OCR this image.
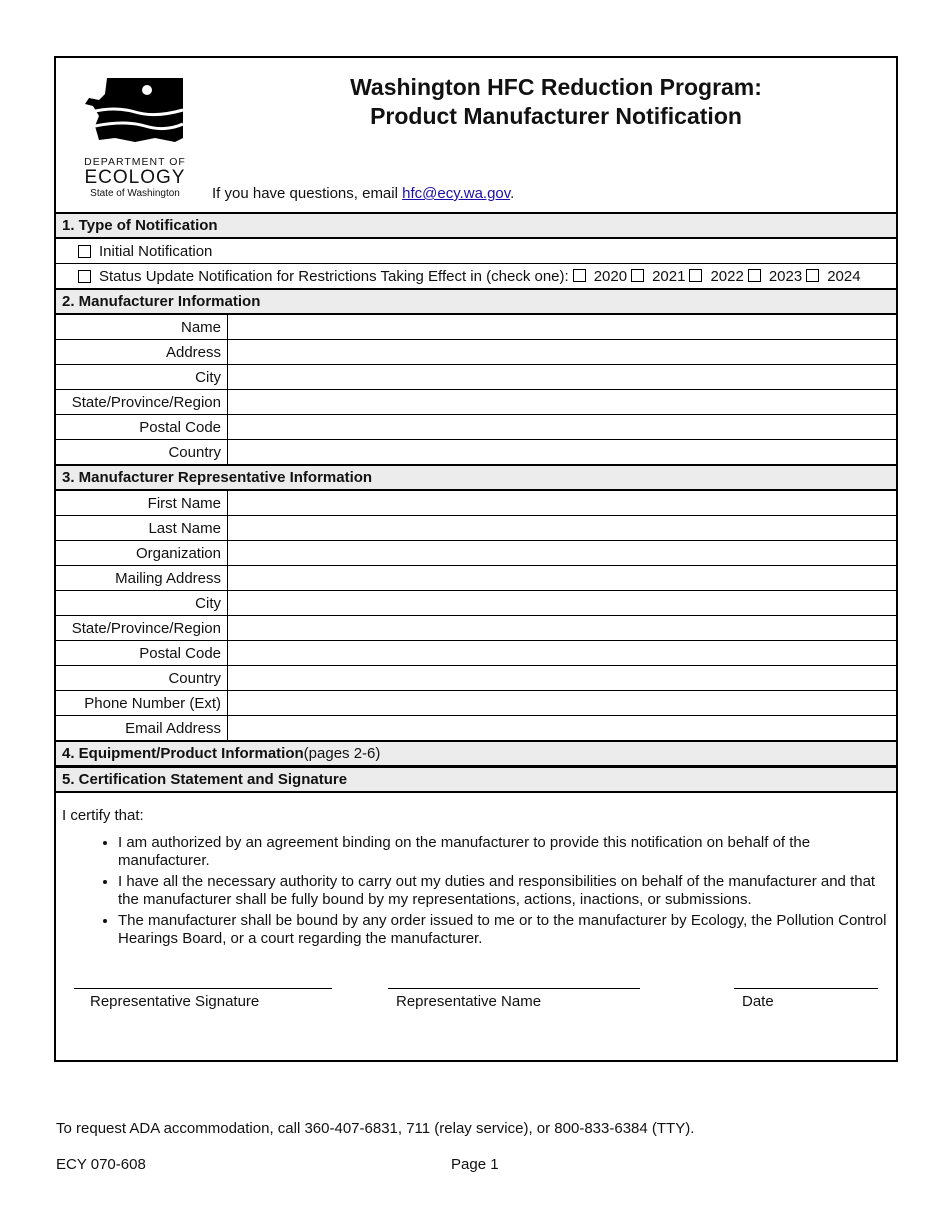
DEPARTMENT OF
ECOLOGY
State of Washington
Washington HFC Reduction Program:
Product Manufacturer Notification
If you have questions, email hfc@ecy.wa.gov.
1. Type of Notification
Initial Notification
Status Update Notification for Restrictions Taking Effect in (check one):	2020	2021	2022	2023	2024
2. Manufacturer Information
Name
Address
City
State/Province/Region
Postal Code
Country
3. Manufacturer Representative Information
First Name
Last Name
Organization
Mailing Address
City
State/Province/Region
Postal Code
Country
Phone Number (Ext)
Email Address
4. Equipment/Product Information (pages 2-6)
5. Certification Statement and Signature
I certify that:
• I am authorized by an agreement binding on the manufacturer to provide this notification on behalf of the manufacturer.
• I have all the necessary authority to carry out my duties and responsibilities on behalf of the manufacturer and that the manufacturer shall be fully bound by my representations, actions, inactions, or submissions.
• The manufacturer shall be bound by any order issued to me or to the manufacturer by Ecology, the Pollution Control Hearings Board, or a court regarding the manufacturer.
Representative Signature	Representative Name	Date
To request ADA accommodation, call 360-407-6831, 711 (relay service), or 800-833-6384 (TTY).
ECY 070-608	Page 1
